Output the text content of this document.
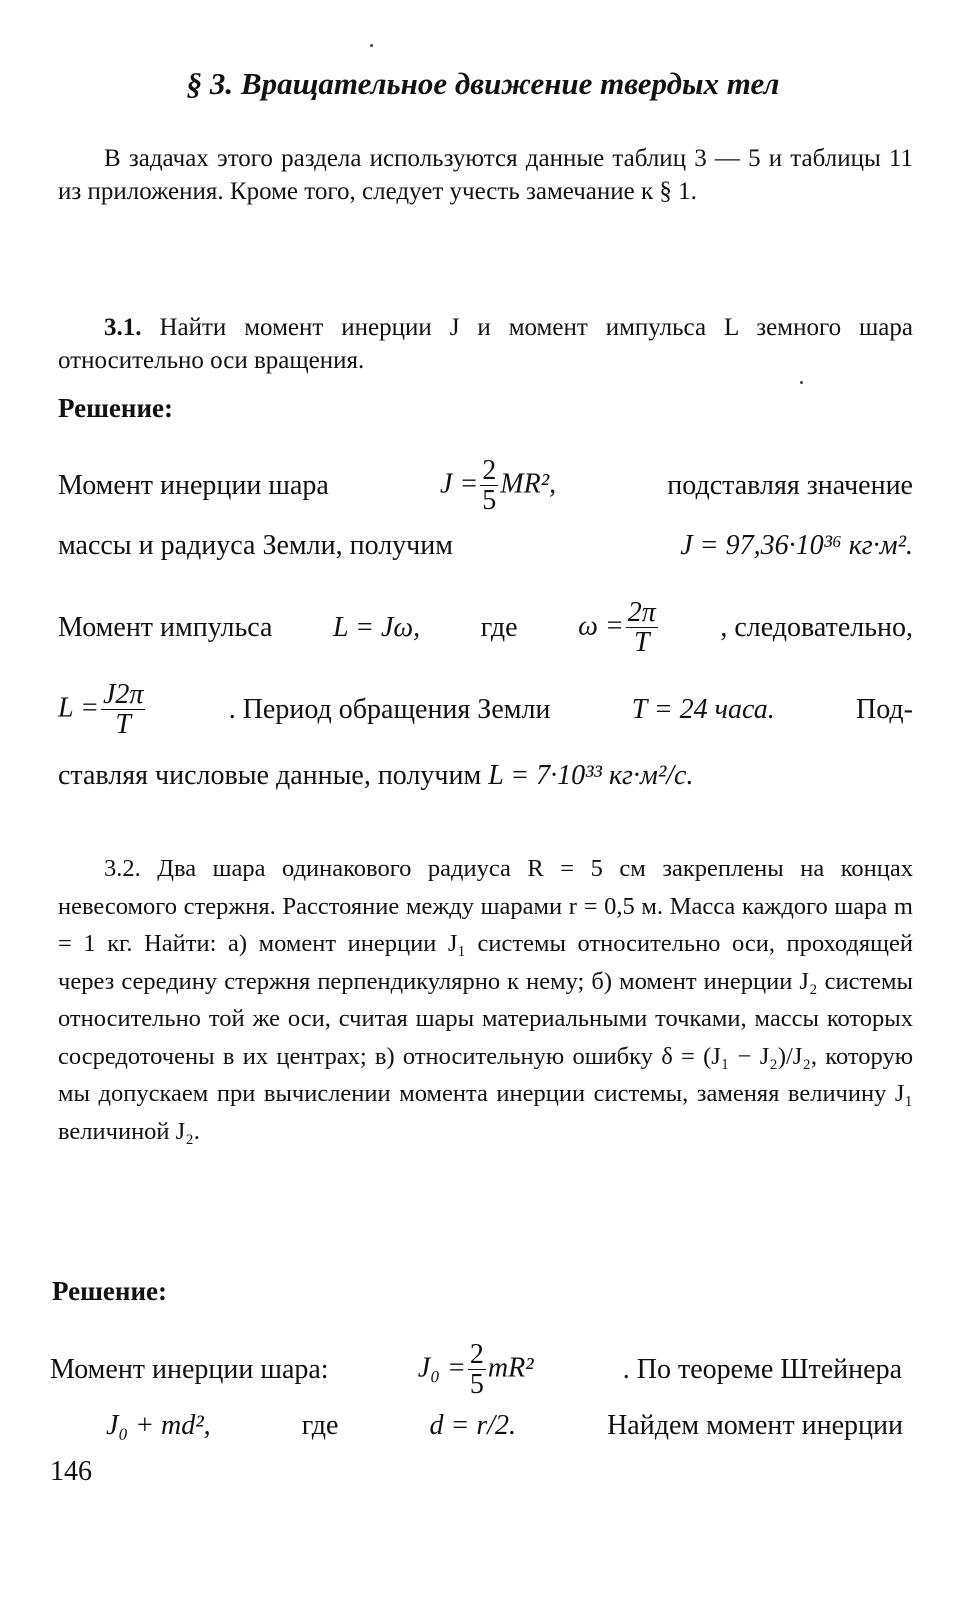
§ 3. Вращательное движение твердых тел
В задачах этого раздела используются данные таблиц 3 — 5 и таблицы 11 из приложения. Кроме того, следует учесть замечание к § 1.
3.1. Найти момент инерции J и момент импульса L земного шара относительно оси вращения.
Решение:
Момент инерции шара	$J = \frac{2}{5} MR^2$,	подставляя значение
массы и радиуса Земли, получим	J = 97,36·10³⁶ кг·м².
Момент импульса L = Jω, где $\omega = \frac{2\pi}{T}$ , следовательно,
$L = \frac{J2\pi}{T}$	. Период обращения Земли	T = 24 часа.	Под-
ставляя числовые данные, получим
L = 7·10³³ кг·м²/с.
3.2. Два шара одинакового радиуса R = 5 см закреплены на концах невесомого стержня. Расстояние между шарами r = 0,5 м. Масса каждого шара m = 1 кг. Найти: а) момент инерции J₁ системы относительно оси, проходящей через середину стержня перпендикулярно к нему; б) момент инерции J₂ системы относительно той же оси, считая шары материальными точками, массы которых сосредоточены в их центрах; в) относительную ошибку δ = (J₁ − J₂)/J₂, которую мы допускаем при вычислении момента инерции системы, заменяя величину J₁ величиной J₂.
Решение:
Момент инерции шара:	$J_0 = \frac{2}{5} mR^2$	. По теореме Штейнера
J₀ + md²,	где	d = r/2.	Найдем момент инерции
146
